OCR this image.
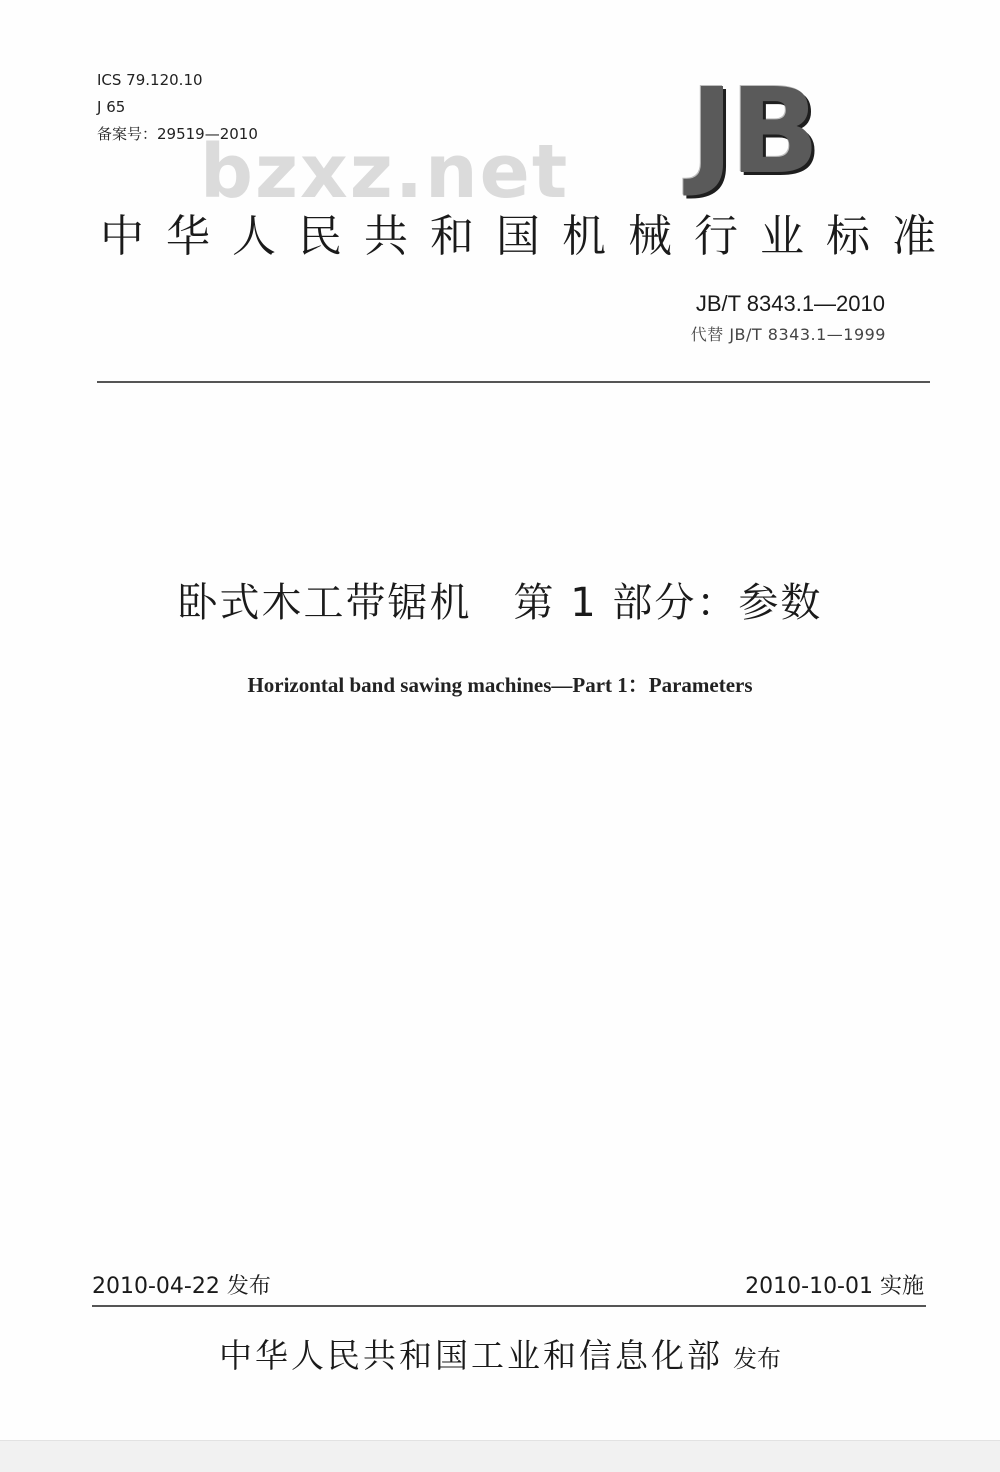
ICS 79.120.10
J 65
备案号：29519—2010	JB
bzxz.net
中华人民共和国机械行业标准
JB/T 8343.1—2010
代替 JB/T 8343.1—1999
卧式木工带锯机　第 1 部分：参数
Horizontal band sawing machines—Part 1：Parameters
2010-04-22 发布	2010-10-01 实施
中华人民共和国工业和信息化部 发布
